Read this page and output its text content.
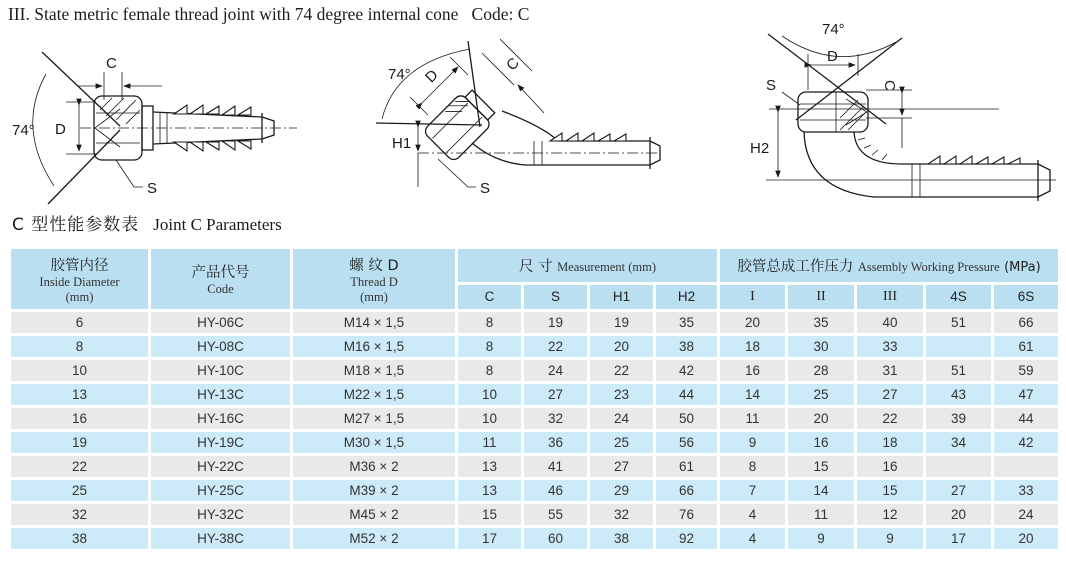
III. State metric female thread joint with 74 degree internal cone   Code: C
74°
C
D
S
74° D
C
H1
S
74°
D
C
H2
S
C 型性能参数表 Joint C Parameters
胶管内径
Inside Diameter
(mm)

产品代号
Code

螺 纹 D
Thread D
(mm)
	尺 寸 Measurement (mm)	胶管总成工作压力 Assembly Working Pressure (MPa)
			C	S	H1	H2	I	II	III	4S	6S
6	HY-06C	M14 × 1,5	8	19	19	35	20	35	40	51	66
8	HY-08C	M16 × 1,5	8	22	20	38	18	30	33		61
10	HY-10C	M18 × 1,5	8	24	22	42	16	28	31	51	59
13	HY-13C	M22 × 1,5	10	27	23	44	14	25	27	43	47
16	HY-16C	M27 × 1,5	10	32	24	50	11	20	22	39	44
19	HY-19C	M30 × 1,5	11	36	25	56	9	16	18	34	42
22	HY-22C	M36 × 2	13	41	27	61	8	15	16		
25	HY-25C	M39 × 2	13	46	29	66	7	14	15	27	33
32	HY-32C	M45 × 2	15	55	32	76	4	11	12	20	24
38	HY-38C	M52 × 2	17	60	38	92	4	9	9	17	20
